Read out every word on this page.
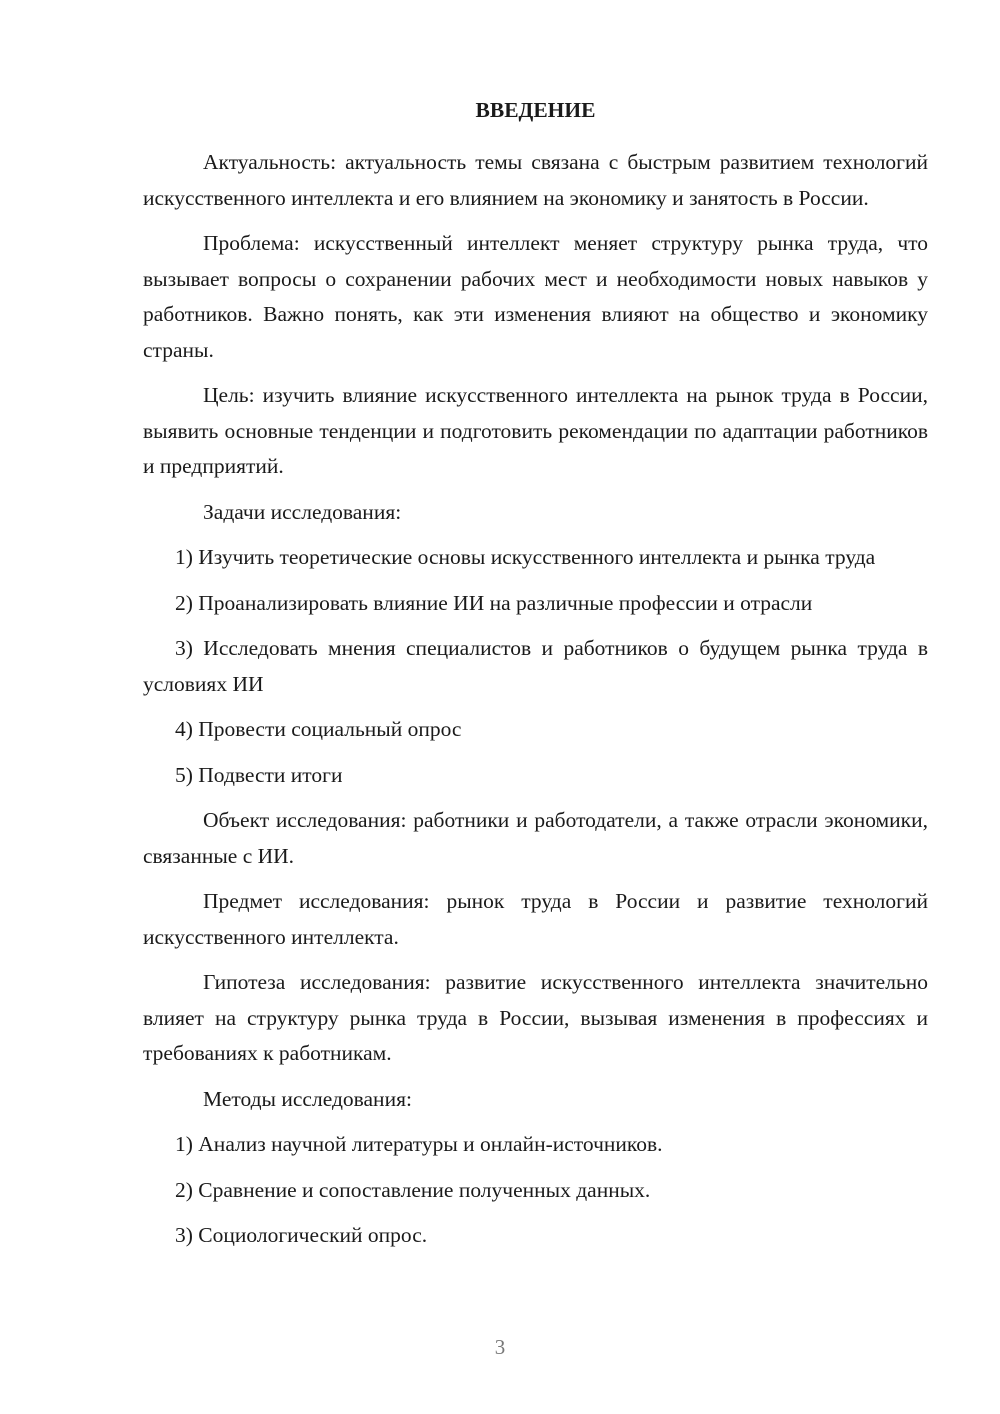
ВВЕДЕНИЕ

Актуальность: актуальность темы связана с быстрым развитием технологий искусственного интеллекта и его влиянием на экономику и занятость в России.

Проблема: искусственный интеллект меняет структуру рынка труда, что вызывает вопросы о сохранении рабочих мест и необходимости новых навыков у работников. Важно понять, как эти изменения влияют на общество и экономику страны.

Цель: изучить влияние искусственного интеллекта на рынок труда в России, выявить основные тенденции и подготовить рекомендации по адаптации работников и предприятий.

Задачи исследования:

1) Изучить теоретические основы искусственного интеллекта и рынка труда

2) Проанализировать влияние ИИ на различные профессии и отрасли

3) Исследовать мнения специалистов и работников о будущем рынка труда в условиях ИИ

4) Провести социальный опрос

5) Подвести итоги

Объект исследования: работники и работодатели, а также отрасли экономики, связанные с ИИ.

Предмет исследования: рынок труда в России и развитие технологий искусственного интеллекта.

Гипотеза исследования: развитие искусственного интеллекта значительно влияет на структуру рынка труда в России, вызывая изменения в профессиях и требованиях к работникам.

Методы исследования:

1) Анализ научной литературы и онлайн-источников.

2) Сравнение и сопоставление полученных данных.

3) Социологический опрос.

3
